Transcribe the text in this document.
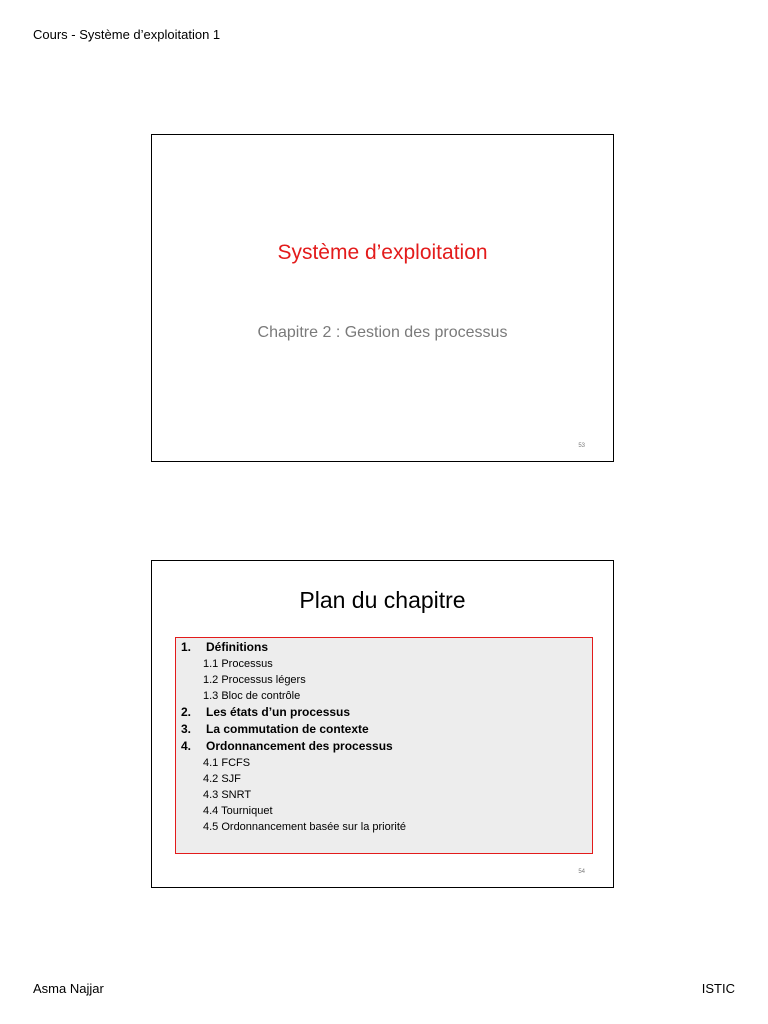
Cours - Système d’exploitation 1
Système d’exploitation
Chapitre 2 : Gestion des processus
53
Plan du chapitre
1. Définitions
1.1 Processus
1.2 Processus légers
1.3 Bloc de contrôle
2. Les états d’un processus
3. La commutation de contexte
4. Ordonnancement des processus
4.1 FCFS
4.2 SJF
4.3 SNRT
4.4 Tourniquet
4.5 Ordonnancement basée sur la priorité
54
Asma Najjar	ISTIC
